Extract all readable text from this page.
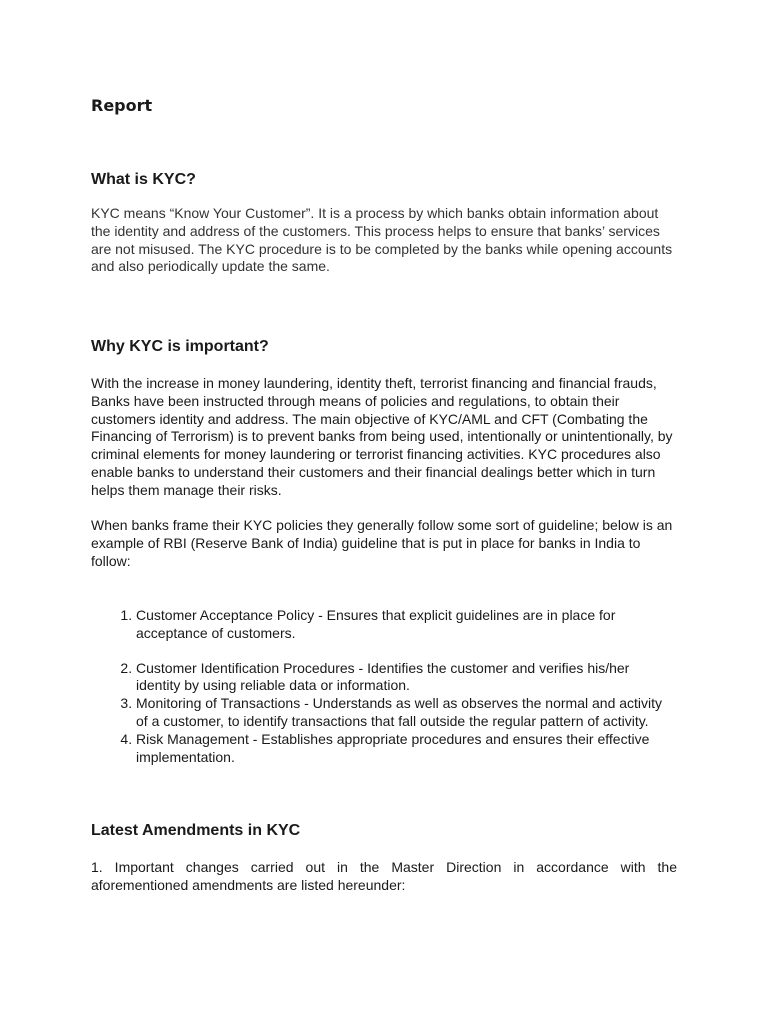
Report
What is KYC?

KYC means “Know Your Customer”. It is a process by which banks obtain information about the identity and address of the customers. This process helps to ensure that banks’ services are not misused. The KYC procedure is to be completed by the banks while opening accounts and also periodically update the same.

Why KYC is important?

With the increase in money laundering, identity theft, terrorist financing and financial frauds, Banks have been instructed through means of policies and regulations, to obtain their customers identity and address. The main objective of KYC/AML and CFT (Combating the Financing of Terrorism) is to prevent banks from being used, intentionally or unintentionally, by criminal elements for money laundering or terrorist financing activities. KYC procedures also enable banks to understand their customers and their financial dealings better which in turn helps them manage their risks.

When banks frame their KYC policies they generally follow some sort of guideline; below is an example of RBI (Reserve Bank of India) guideline that is put in place for banks in India to follow:

1. Customer Acceptance Policy - Ensures that explicit guidelines are in place for acceptance of customers.
2. Customer Identification Procedures - Identifies the customer and verifies his/her identity by using reliable data or information.
3. Monitoring of Transactions - Understands as well as observes the normal and activity of a customer, to identify transactions that fall outside the regular pattern of activity.
4. Risk Management - Establishes appropriate procedures and ensures their effective implementation.
Latest Amendments in KYC

1. Important changes carried out in the Master Direction in accordance with the aforementioned amendments are listed hereunder:
